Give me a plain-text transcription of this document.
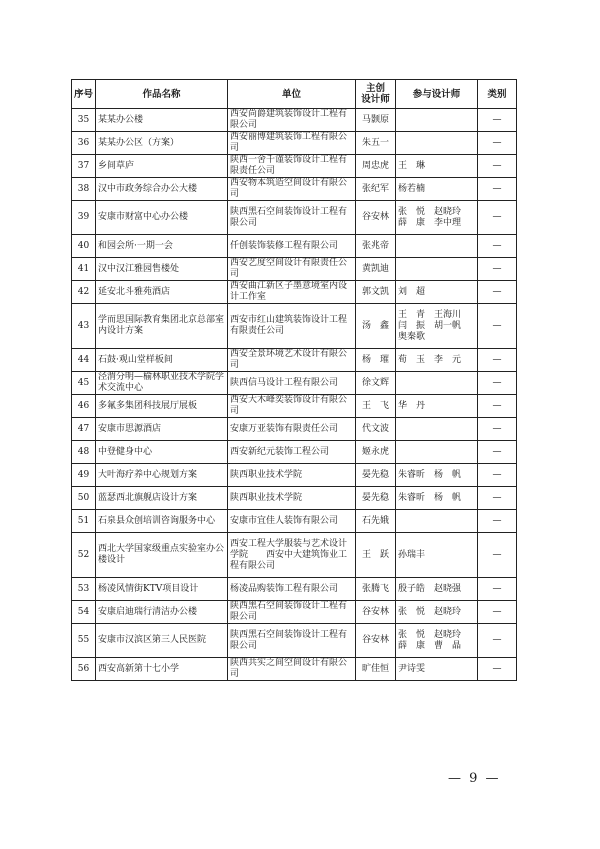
序号	作品名称	单位	主创
设计师	参与设计师	类别
35	某某办公楼	西安尚爵建筑装饰设计工程有限公司	马颢原		—
36	某某办公区（方案）	西安丽博建筑装饰工程有限公司	朱五一		—
37	乡间草庐	陕西一舍千谨装饰设计工程有限责任公司	周忠虎	王　琳	—
38	汉中市政务综合办公大楼	西安物本筑造空间设计有限公司	张纪军	杨若楠	—
39	安康市财富中心办公楼	陕西黑石空间装饰设计工程有限公司	谷安林	张　悦　赵晓玲
薛　康　李中理	—
40	和园会所·一期一会	仟创装饰装修工程有限公司	张兆帝		—
41	汉中汉江雅园售楼处	西安艺度空间设计有限责任公司	黄凯迪		—
42	延安北斗雅苑酒店	西安曲江新区子墨意境室内设计工作室	郭文凯	刘　超	—
43	学而思国际教育集团北京总部室内设计方案	西安市红山建筑装饰设计工程有限责任公司	汤　鑫	王　青　王海川
闫　振　胡一帆
奥秦歌	—
44	石鼓·观山堂样板间	西安全景环境艺术设计有限公司	杨　璀	荀　玉　李　元	—
45	泾渭分明—榆林职业技术学院学术交流中心	陕西信马设计工程有限公司	徐文辉		—
46	多氟多集团科技展厅展板	西安大木峰奕装饰设计有限公司	王　飞	华　丹	—
47	安康市思源酒店	安康万亚装饰有限责任公司	代文波		—
48	中登健身中心	西安新纪元装饰工程公司	姬永虎		—
49	大叶海疗养中心规划方案	陕西职业技术学院	晏先稳	朱睿昕　杨　帆	—
50	蓝瑟西北旗舰店设计方案	陕西职业技术学院	晏先稳	朱睿昕　杨　帆	—
51	石泉县众创培训咨询服务中心	安康市宜佳人装饰有限公司	石先娥		—
52	西北大学国家级重点实验室办公楼设计	西安工程大学服装与艺术设计学院　　西安中大建筑饰业工程有限公司	王　跃	孙瑞丰	—
53	杨凌风情街KTV项目设计	杨凌品购装饰工程有限公司	张腾飞	殷子皓　赵晓强	—
54	安康启迪瑞行清洁办公楼	陕西黑石空间装饰设计工程有限公司	谷安林	张　悦　赵晓玲	—
55	安康市汉滨区第三人民医院	陕西黑石空间装饰设计工程有限公司	谷安林	张　悦　赵晓玲
薛　康　曹　晶	—
56	西安高新第十七小学	陕西共实之间空间设计有限公司	旷佳恒	尹诗雯	—
— 9 —
